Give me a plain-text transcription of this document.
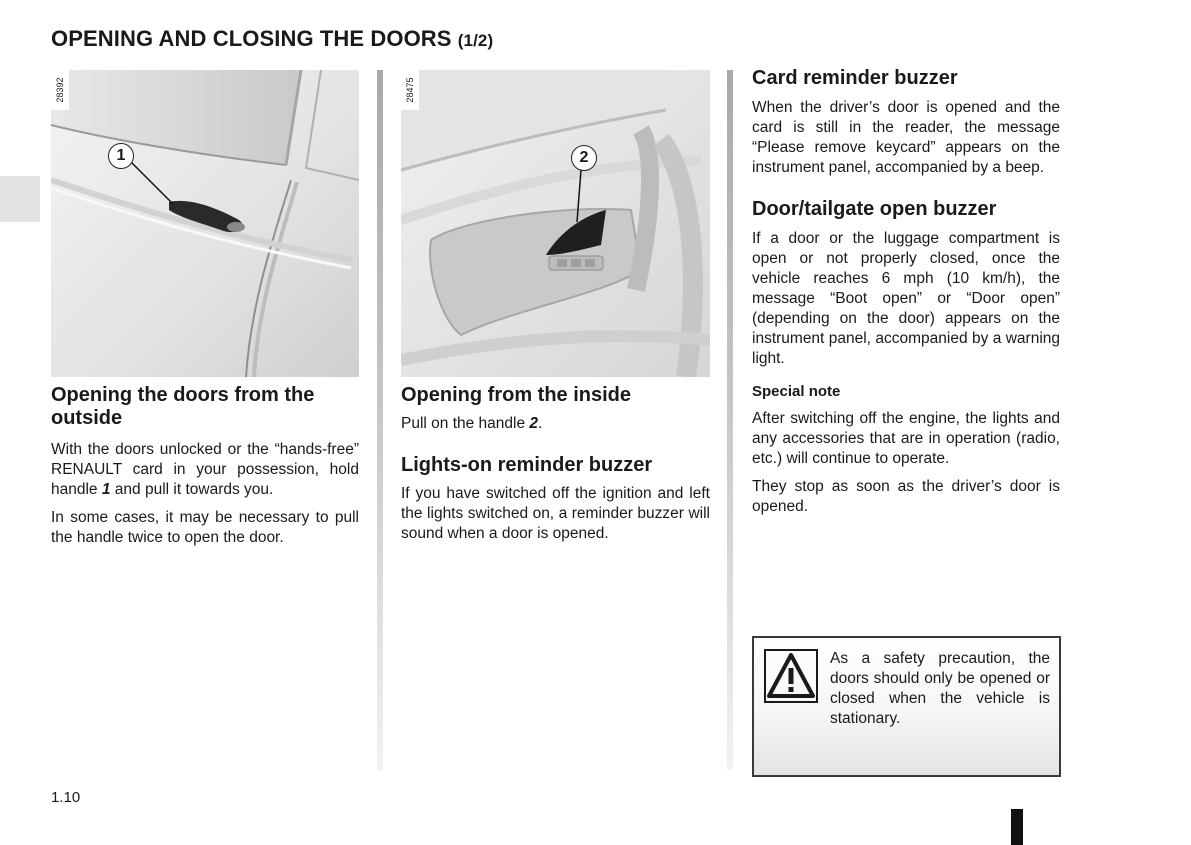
OPENING AND CLOSING THE DOORS (1/2)
28392
1
28475
2
Opening the doors from the outside

With the doors unlocked or the “hands-free” RENAULT card in your possession, hold handle 1 and pull it towards you.

In some cases, it may be necessary to pull the handle twice to open the door.

Opening from the inside

Pull on the handle 2.

Lights-on reminder buzzer

If you have switched off the ignition and left the lights switched on, a reminder buzzer will sound when a door is opened.

Card reminder buzzer

When the driver’s door is opened and the card is still in the reader, the message “Please remove keycard” appears on the instrument panel, accompanied by a beep.

Door/tailgate open buzzer

If a door or the luggage compartment is open or not properly closed, once the vehicle reaches 6 mph (10 km/h), the message “Boot open” or “Door open” (depending on the door) appears on the instrument panel, accompanied by a warning light.

Special note

After switching off the engine, the lights and any accessories that are in operation (radio, etc.) will continue to operate.

They stop as soon as the driver’s door is opened.

As a safety precaution, the doors should only be opened or closed when the vehicle is stationary.
1.10
